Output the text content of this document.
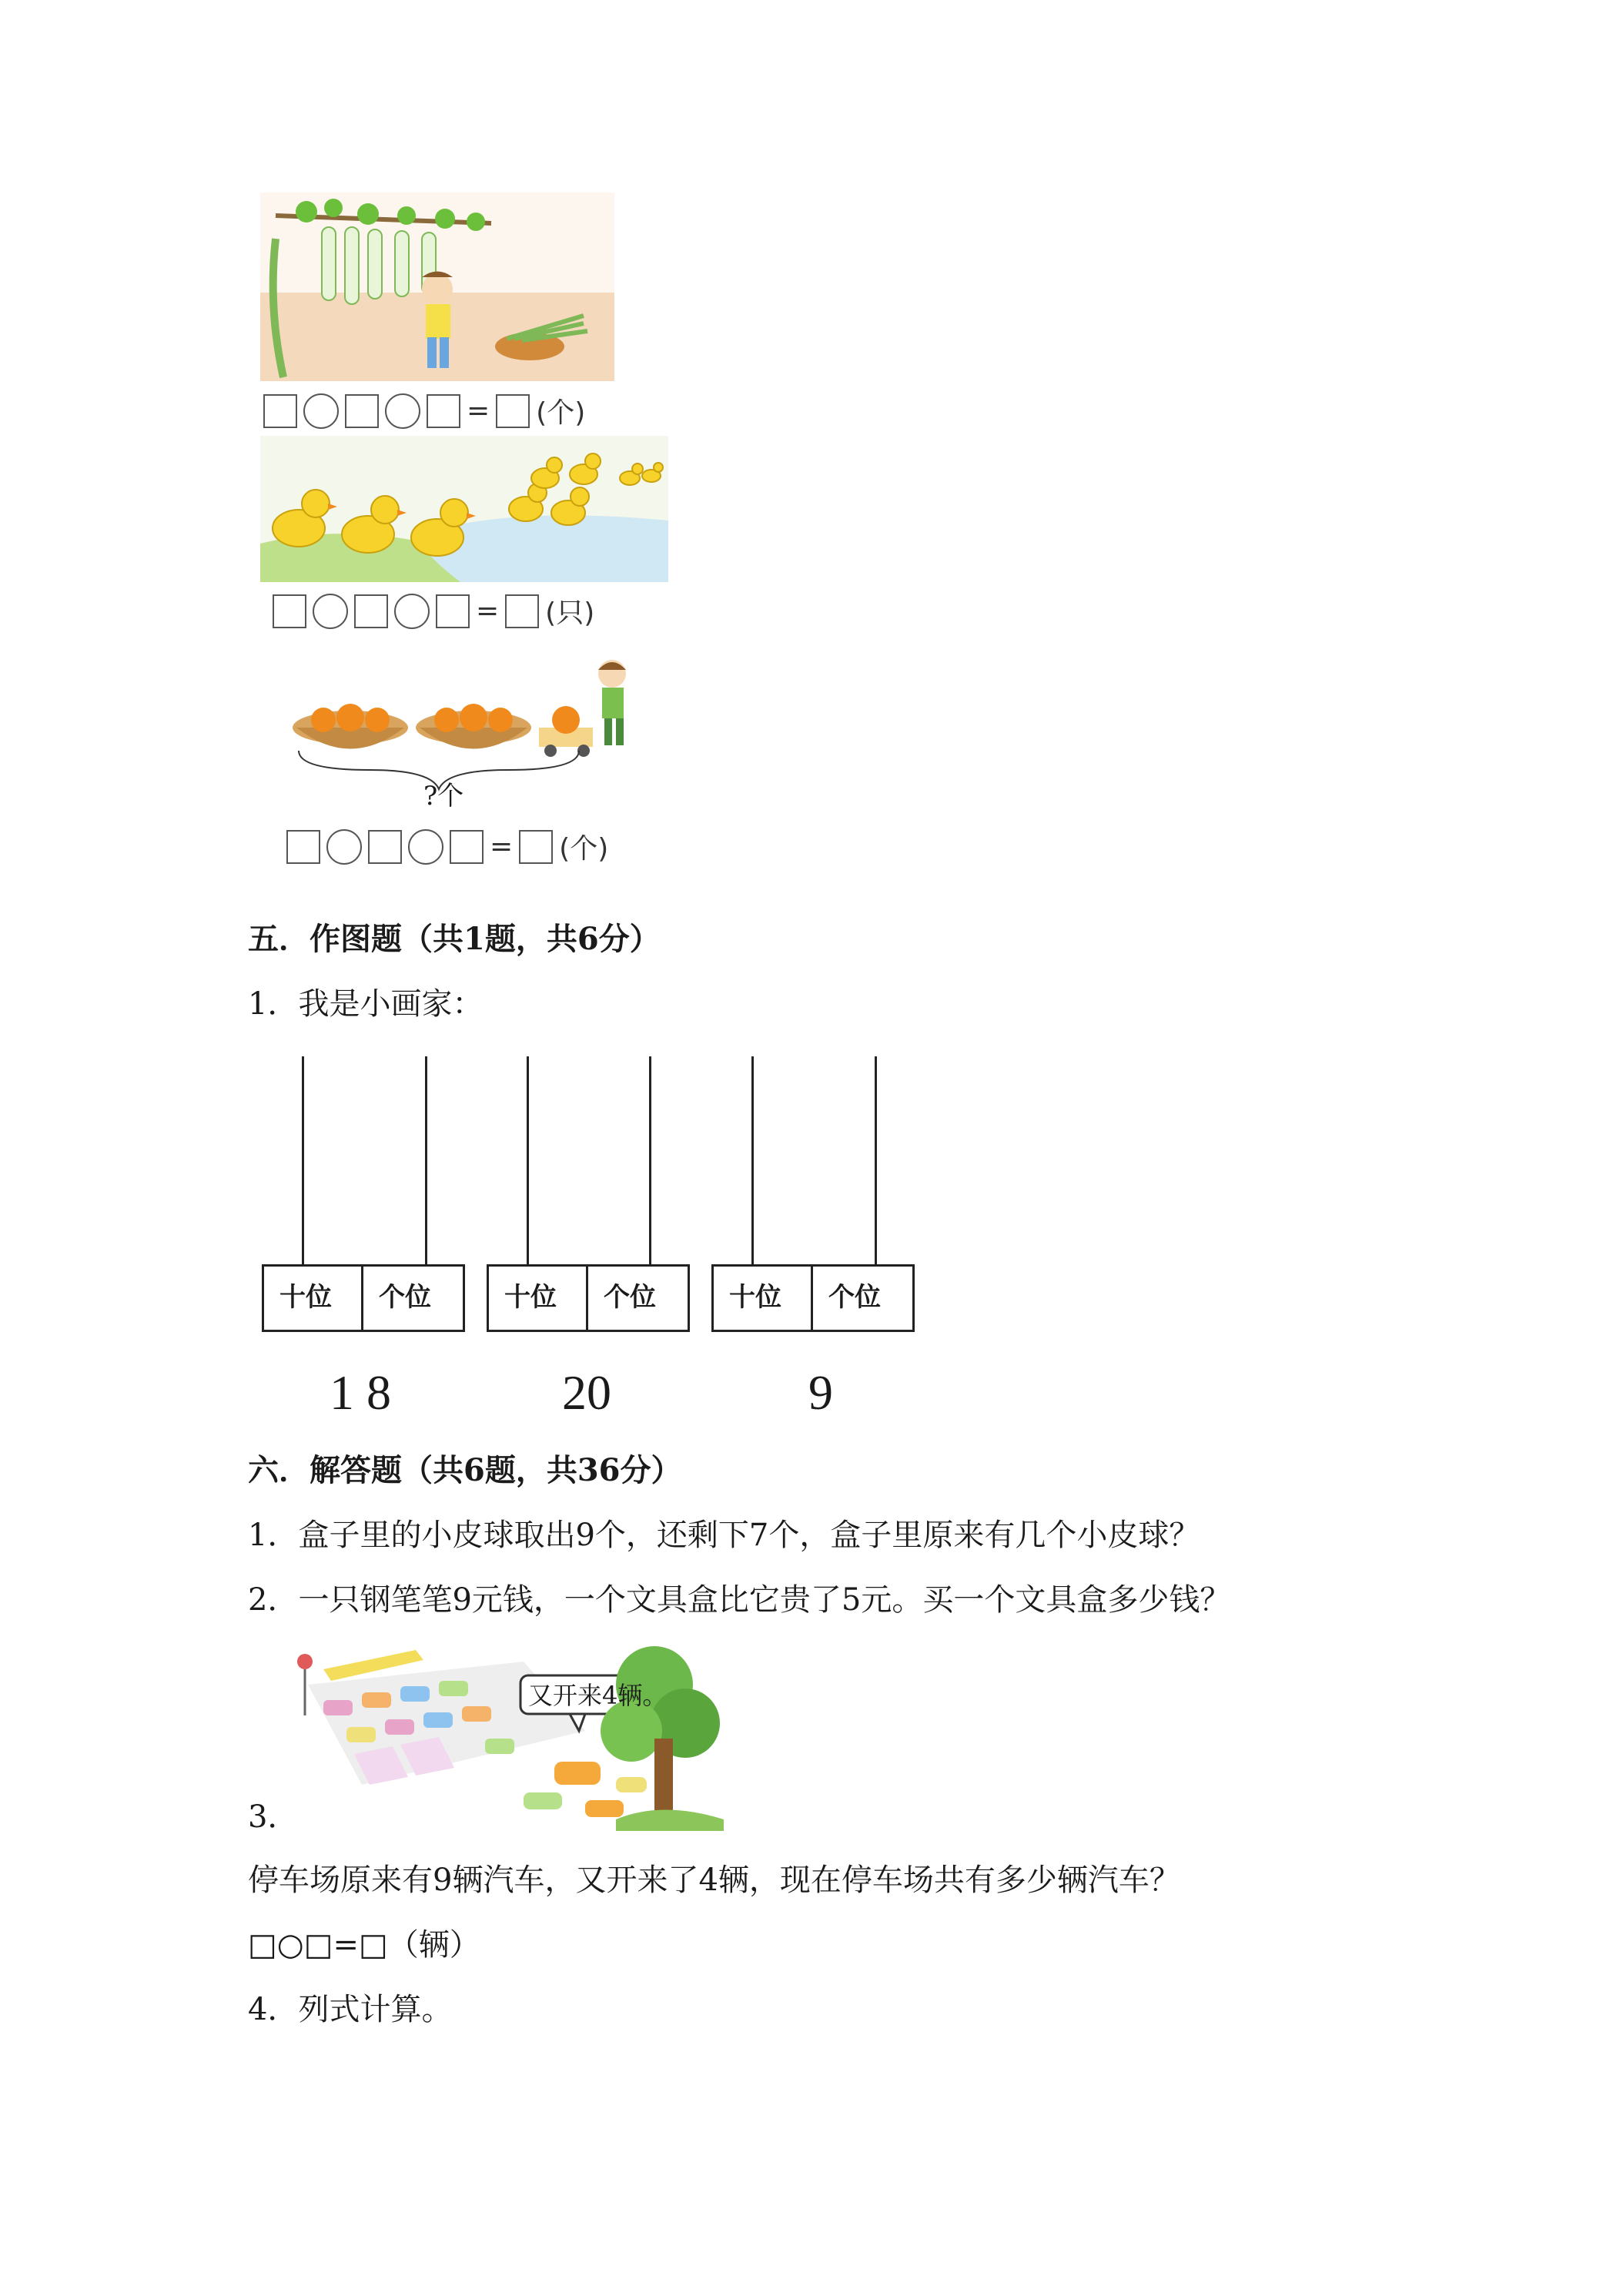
= (个)
= (只)
?个
= (个)
五．作图题（共1题，共6分）
1．我是小画家：
十位	个位
1 8
十位	个位
20
十位	个位
9
六．解答题（共6题，共36分）
1．盒子里的小皮球取出9个，还剩下7个，盒子里原来有几个小皮球？
2．一只钢笔笔9元钱，一个文具盒比它贵了5元。买一个文具盒多少钱？
又开来4辆。
3．
停车场原来有9辆汽车，又开来了4辆，现在停车场共有多少辆汽车？
□○□=□（辆）
4．列式计算。
